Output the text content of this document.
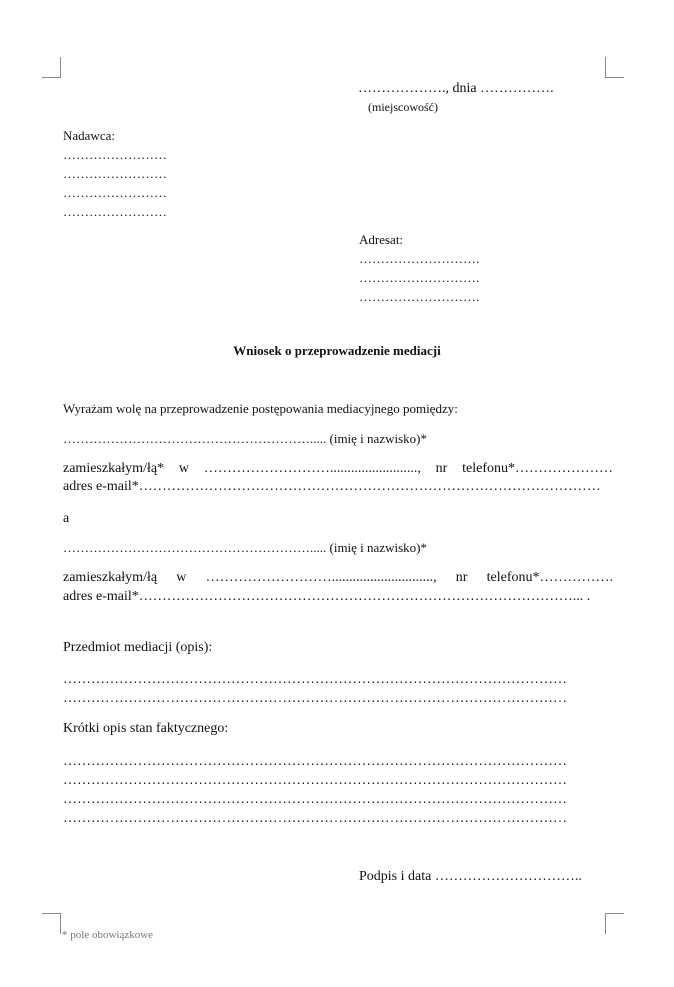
………………., dnia …………….
(miejscowość)
Nadawca:
……………………
……………………
……………………
……………………
Adresat:
……………………….
……………………….
……………………….
Wniosek o przeprowadzenie mediacji
Wyrażam wolę na przeprowadzenie postępowania mediacyjnego pomiędzy:
…………………………………………………..... (imię i nazwisko)*
zamieszkałym/łą* w ………………………........................., nr telefonu*…………………
adres e-mail*………………………………………………………………………………………
a
…………………………………………………..... (imię i nazwisko)*
zamieszkałym/łą w ………………………............................., nr telefonu*…………….
adres e-mail*…………………………………………………………………………………... .
Przedmiot mediacji (opis):
………………………………………………………………………………………………
………………………………………………………………………………………………
Krótki opis stan faktycznego:
………………………………………………………………………………………………
………………………………………………………………………………………………
………………………………………………………………………………………………
………………………………………………………………………………………………
Podpis i data …………………………..
* pole obowiązkowe
